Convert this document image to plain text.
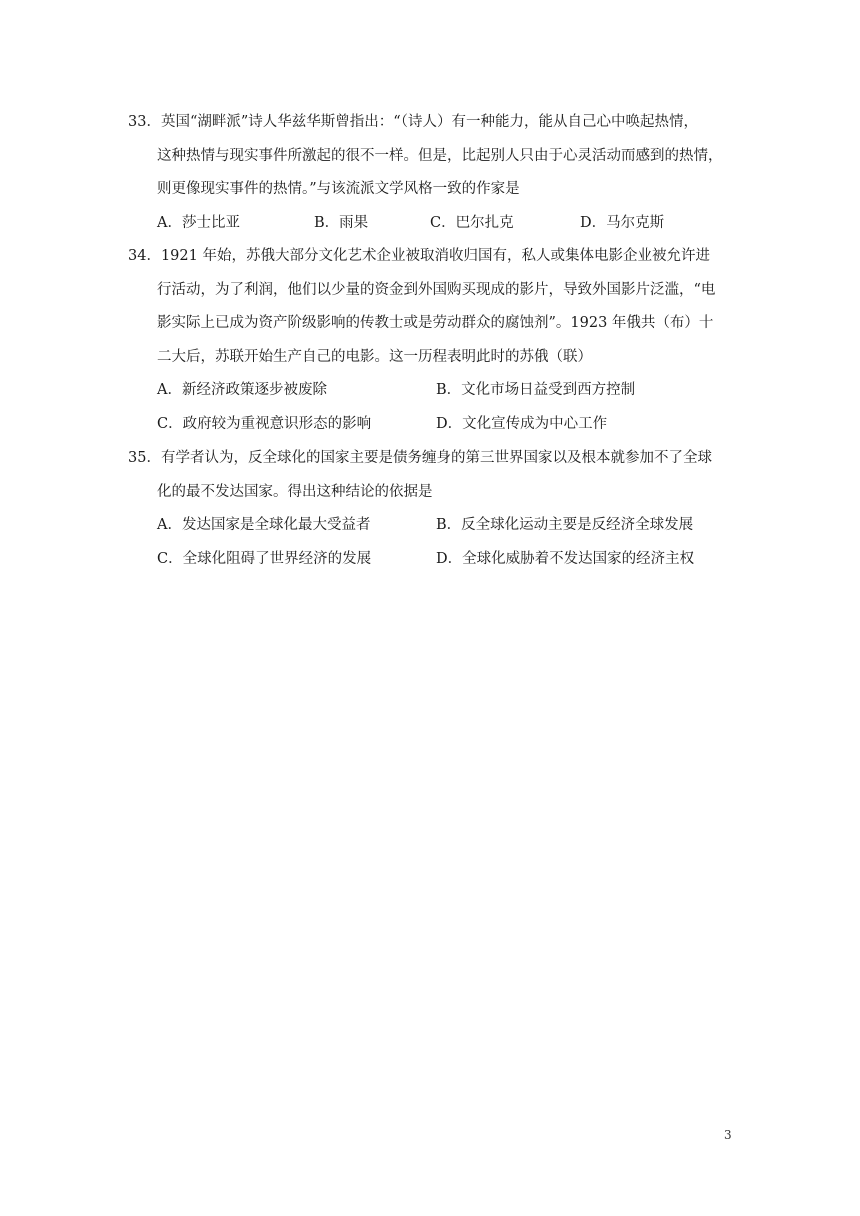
33．英国“湖畔派”诗人华兹华斯曾指出：“（诗人）有一种能力，能从自己心中唤起热情，
这种热情与现实事件所激起的很不一样。但是，比起别人只由于心灵活动而感到的热情，
则更像现实事件的热情。”与该流派文学风格一致的作家是
A．莎士比亚	B．雨果	C．巴尔扎克	D．马尔克斯
34．1921 年始，苏俄大部分文化艺术企业被取消收归国有，私人或集体电影企业被允许进
行活动，为了利润，他们以少量的资金到外国购买现成的影片，导致外国影片泛滥，“电
影实际上已成为资产阶级影响的传教士或是劳动群众的腐蚀剂”。1923 年俄共（布）十
二大后，苏联开始生产自己的电影。这一历程表明此时的苏俄（联）
A．新经济政策逐步被废除	B．文化市场日益受到西方控制
C．政府较为重视意识形态的影响	D．文化宣传成为中心工作
35．有学者认为，反全球化的国家主要是债务缠身的第三世界国家以及根本就参加不了全球
化的最不发达国家。得出这种结论的依据是
A．发达国家是全球化最大受益者	B．反全球化运动主要是反经济全球发展
C．全球化阻碍了世界经济的发展	D．全球化威胁着不发达国家的经济主权
3
